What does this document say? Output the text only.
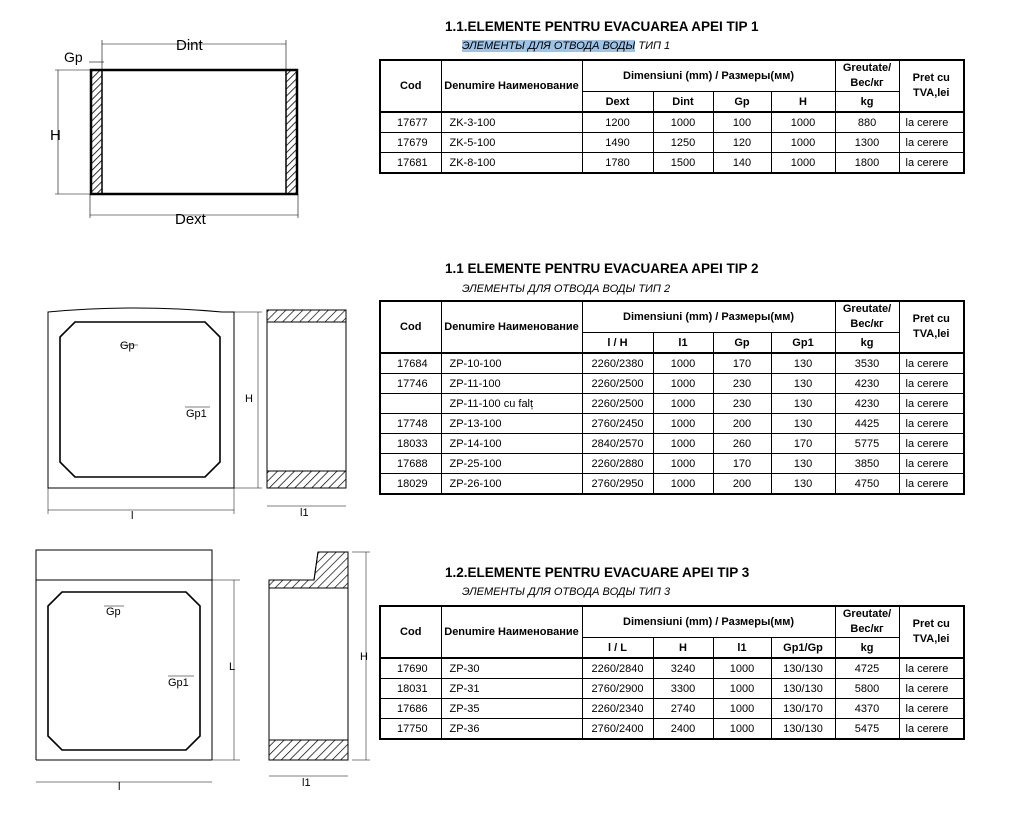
1.1.ELEMENTE PENTRU EVACUAREA APEI TIP 1
ЭЛЕМЕНТЫ ДЛЯ ОТВОДА ВОДЫ ТИП 1
1.1 ELEMENTE PENTRU EVACUAREA APEI TIP 2
ЭЛЕМЕНТЫ ДЛЯ ОТВОДА ВОДЫ ТИП 2
1.2.ELEMENTE PENTRU EVACUARE APEI TIP 3
ЭЛЕМЕНТЫ ДЛЯ ОТВОДА ВОДЫ ТИП 3
Cod	Denumire Наименование	Dimensiuni (mm) / Размеры(мм)				Greutate/ Вес/кг	Pret cu TVA,lei
		Dext	Dint	Gp	H	kg	
17677	ZK-3-100	1200	1000	100	1000	880	la cerere
17679	ZK-5-100	1490	1250	120	1000	1300	la cerere
17681	ZK-8-100	1780	1500	140	1000	1800	la cerere
Cod	Denumire Наименование	Dimensiuni (mm) / Размеры(мм)				Greutate/ Вес/кг	Pret cu TVA,lei
		l / H	l1	Gp	Gp1	kg	
17684	ZP-10-100	2260/2380	1000	170	130	3530	la cerere
17746	ZP-11-100	2260/2500	1000	230	130	4230	la cerere
	ZP-11-100 cu falț	2260/2500	1000	230	130	4230	la cerere
17748	ZP-13-100	2760/2450	1000	200	130	4425	la cerere
18033	ZP-14-100	2840/2570	1000	260	170	5775	la cerere
17688	ZP-25-100	2260/2880	1000	170	130	3850	la cerere
18029	ZP-26-100	2760/2950	1000	200	130	4750	la cerere
Cod	Denumire Наименование	Dimensiuni (mm) / Размеры(мм)				Greutate/ Вес/кг	Pret cu TVA,lei
		l / L	H	l1	Gp1/Gp	kg	
17690	ZP-30	2260/2840	3240	1000	130/130	4725	la cerere
18031	ZP-31	2760/2900	3300	1000	130/130	5800	la cerere
17686	ZP-35	2260/2340	2740	1000	130/170	4370	la cerere
17750	ZP-36	2760/2400	2400	1000	130/130	5475	la cerere
Gp
Dint
H
Dext
Gp
Gp1
H
l	l1
Gp
Gp1
L
l
H
l1
